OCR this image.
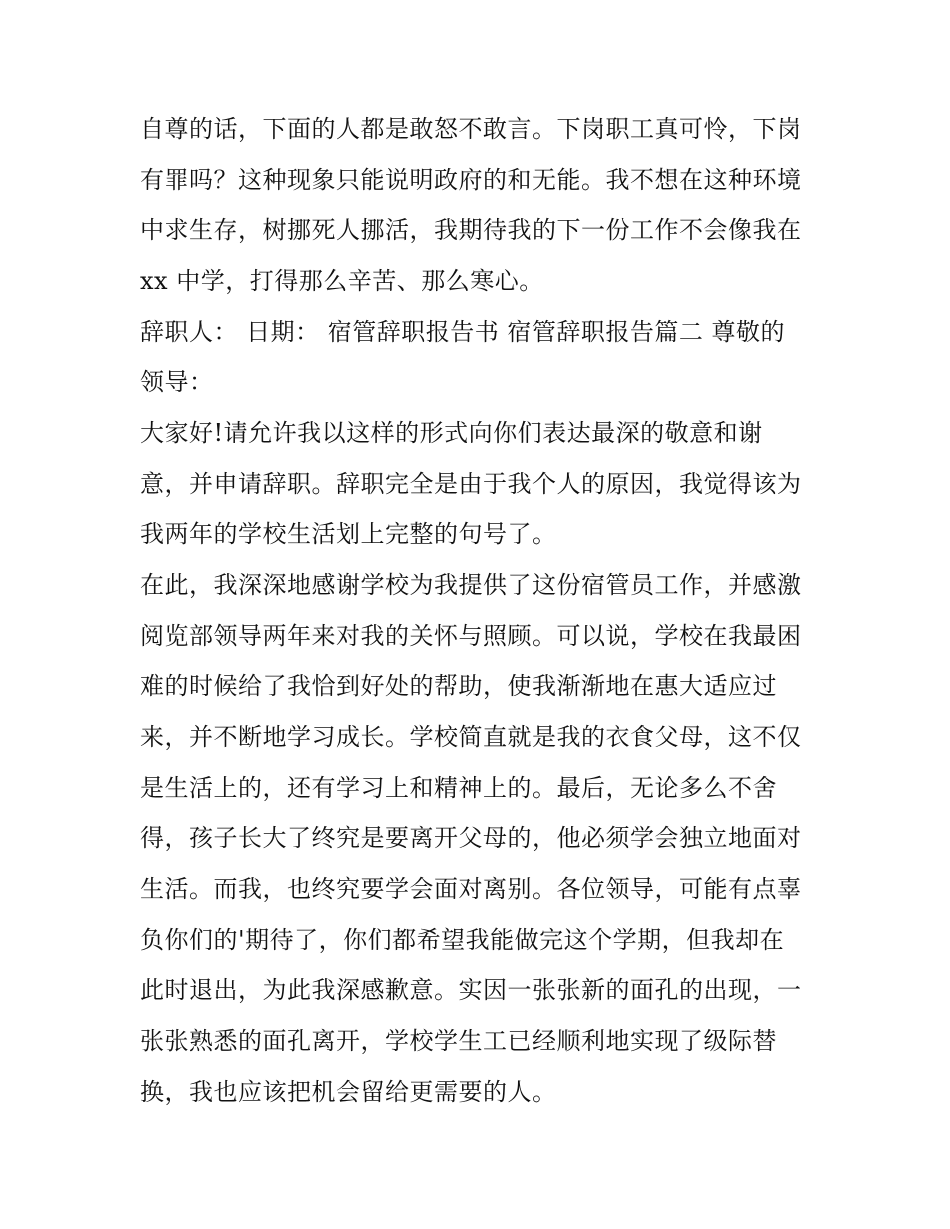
自尊的话，下面的人都是敢怒不敢言。下岗职工真可怜，下岗
有罪吗？这种现象只能说明政府的和无能。我不想在这种环境
中求生存，树挪死人挪活，我期待我的下一份工作不会像我在
xx 中学，打得那么辛苦、那么寒心。
辞职人： 日期： 宿管辞职报告书 宿管辞职报告篇二 尊敬的
领导：
大家好!请允许我以这样的形式向你们表达最深的敬意和谢
意，并申请辞职。辞职完全是由于我个人的原因，我觉得该为
我两年的学校生活划上完整的句号了。
在此，我深深地感谢学校为我提供了这份宿管员工作，并感激
阅览部领导两年来对我的关怀与照顾。可以说，学校在我最困
难的时候给了我恰到好处的帮助，使我渐渐地在惠大适应过
来，并不断地学习成长。学校简直就是我的衣食父母，这不仅
是生活上的，还有学习上和精神上的。最后，无论多么不舍
得，孩子长大了终究是要离开父母的，他必须学会独立地面对
生活。而我，也终究要学会面对离别。各位领导，可能有点辜
负你们的'期待了，你们都希望我能做完这个学期，但我却在
此时退出，为此我深感歉意。实因一张张新的面孔的出现，一
张张熟悉的面孔离开，学校学生工已经顺利地实现了级际替
换，我也应该把机会留给更需要的人。
